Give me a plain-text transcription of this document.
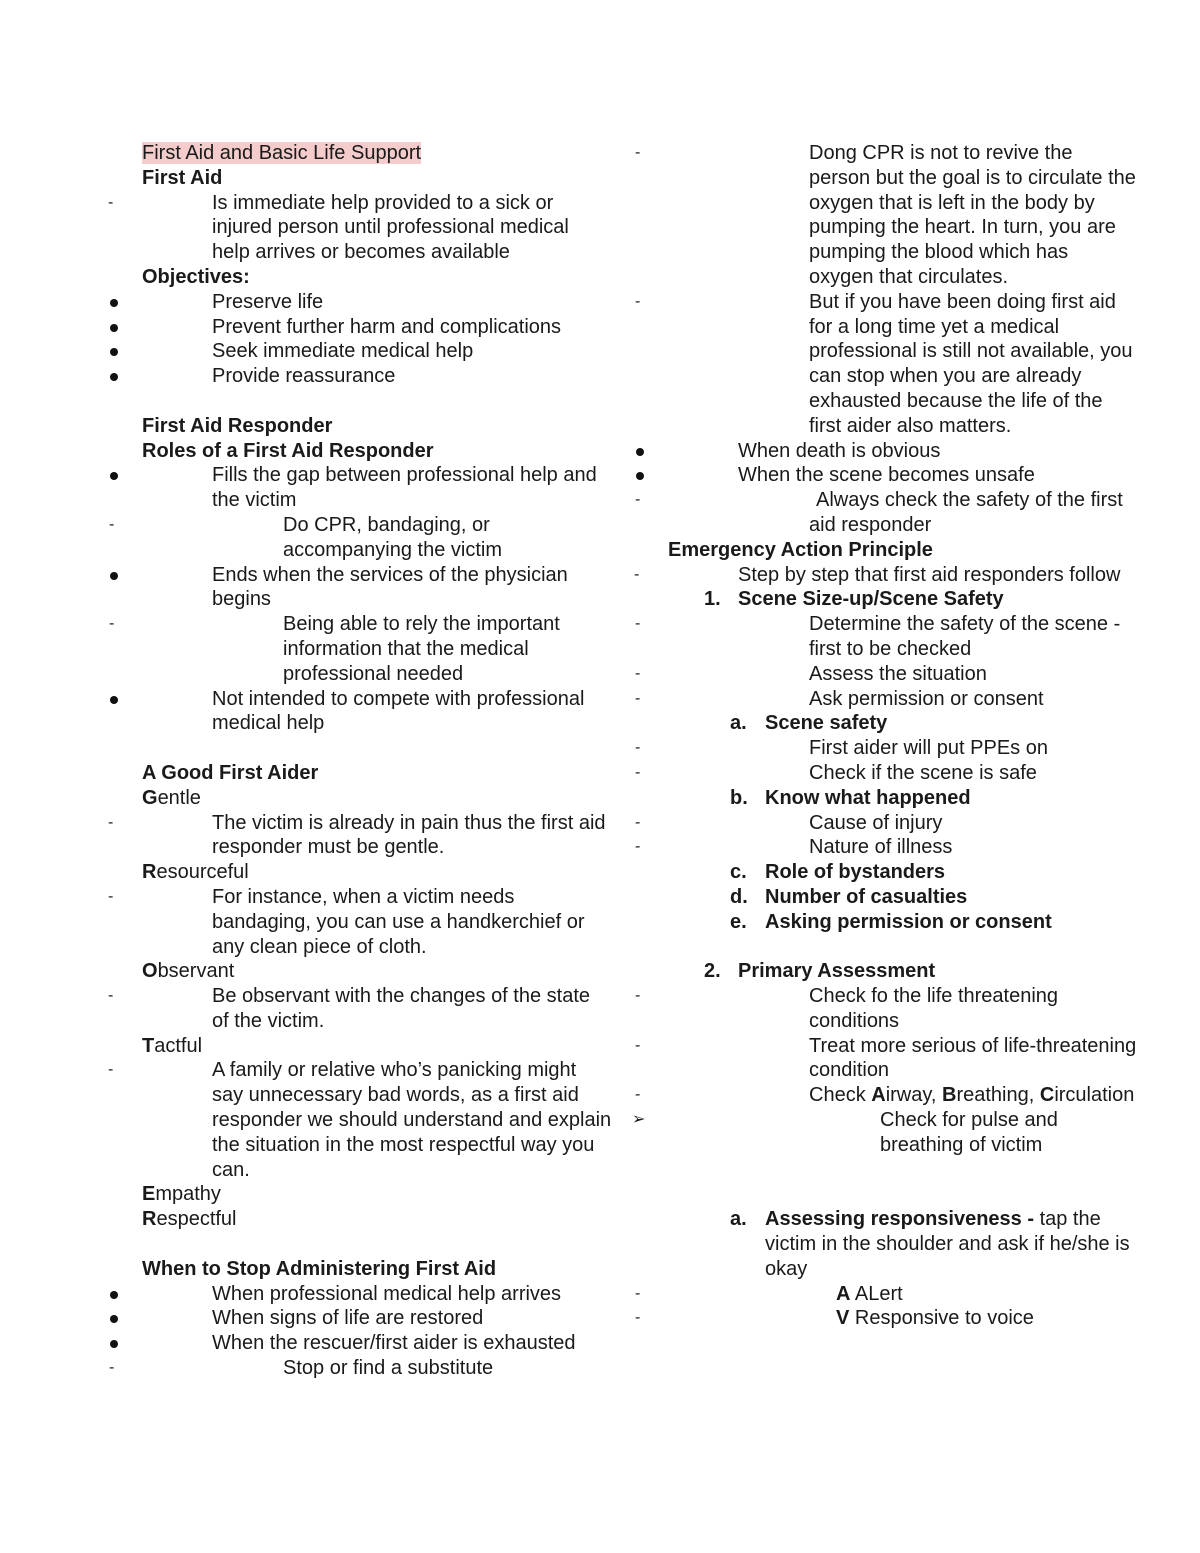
First Aid and Basic Life Support
First Aid
-	Is immediate help provided to a sick or injured person until professional medical help arrives or becomes available
Objectives:
Preserve life
Prevent further harm and complications
Seek immediate medical help
Provide reassurance
First Aid Responder
Roles of a First Aid Responder
Fills the gap between professional help and the victim
-	Do CPR, bandaging, or accompanying the victim
Ends when the services of the physician begins
-	Being able to rely the important information that the medical professional needed
Not intended to compete with professional medical help
A Good First Aider
Gentle
-	The victim is already in pain thus the first aid responder must be gentle.
Resourceful
-	For instance, when a victim needs bandaging, you can use a handkerchief or any clean piece of cloth.
Observant
-	Be observant with the changes of the state of the victim.
Tactful
-	A family or relative who’s panicking might say unnecessary bad words, as a first aid responder we should understand and explain the situation in the most respectful way you can.
Empathy
Respectful
When to Stop Administering First Aid
When professional medical help arrives
When signs of life are restored
When the rescuer/first aider is exhausted
-	Stop or find a substitute
-	Dong CPR is not to revive the person but the goal is to circulate the oxygen that is left in the body by pumping the heart. In turn, you are pumping the blood which has oxygen that circulates.
-	But if you have been doing first aid for a long time yet a medical professional is still not available, you can stop when you are already exhausted because the life of the first aider also matters.
When death is obvious
When the scene becomes unsafe
-	Always check the safety of the first aid responder
Emergency Action Principle
-	Step by step that first aid responders follow
1. Scene Size-up/Scene Safety
-	Determine the safety of the scene - first to be checked
-	Assess the situation
-	Ask permission or consent
a. Scene safety
-	First aider will put PPEs on
-	Check if the scene is safe
b. Know what happened
-	Cause of injury
-	Nature of illness
c. Role of bystanders
d. Number of casualties
e. Asking permission or consent
2. Primary Assessment
-	Check fo the life threatening conditions
-	Treat more serious of life-threatening condition
-	Check Airway, Breathing, Circulation
➢	Check for pulse and breathing of victim
a. Assessing responsiveness - tap the victim in the shoulder and ask if he/she is okay
-	A ALert
-	V Responsive to voice
